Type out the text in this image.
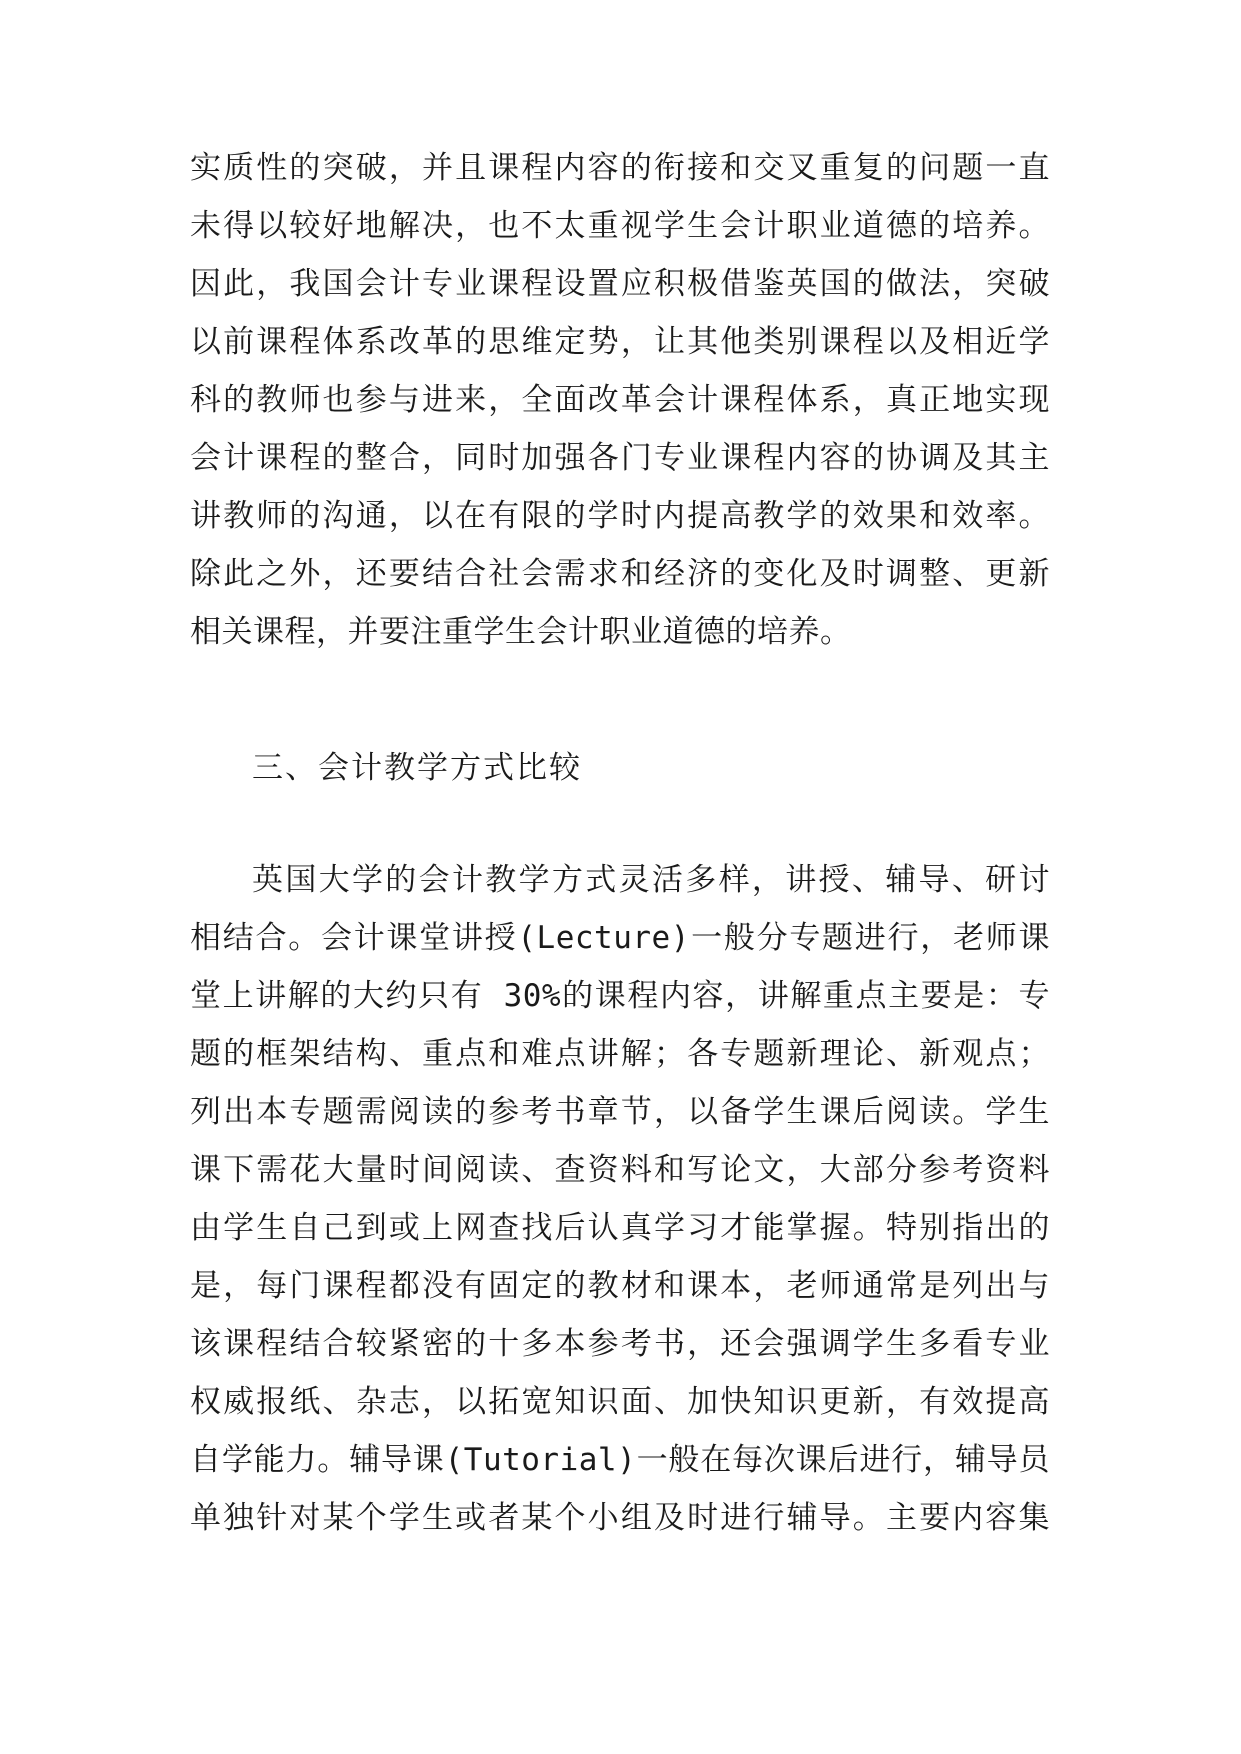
实质性的突破，并且课程内容的衔接和交叉重复的问题一直
未得以较好地解决，也不太重视学生会计职业道德的培养。
因此，我国会计专业课程设置应积极借鉴英国的做法，突破
以前课程体系改革的思维定势，让其他类别课程以及相近学
科的教师也参与进来，全面改革会计课程体系，真正地实现
会计课程的整合，同时加强各门专业课程内容的协调及其主
讲教师的沟通，以在有限的学时内提高教学的效果和效率。
除此之外，还要结合社会需求和经济的变化及时调整、更新
相关课程，并要注重学生会计职业道德的培养。
三、会计教学方式比较
英国大学的会计教学方式灵活多样，讲授、辅导、研讨
相结合。会计课堂讲授(Lecture)一般分专题进行，老师课
堂上讲解的大约只有 30%的课程内容，讲解重点主要是：专
题的框架结构、重点和难点讲解；各专题新理论、新观点；
列出本专题需阅读的参考书章节，以备学生课后阅读。学生
课下需花大量时间阅读、查资料和写论文，大部分参考资料
由学生自己到或上网查找后认真学习才能掌握。特别指出的
是，每门课程都没有固定的教材和课本，老师通常是列出与
该课程结合较紧密的十多本参考书，还会强调学生多看专业
权威报纸、杂志，以拓宽知识面、加快知识更新，有效提高
自学能力。辅导课(Tutorial)一般在每次课后进行，辅导员
单独针对某个学生或者某个小组及时进行辅导。主要内容集
